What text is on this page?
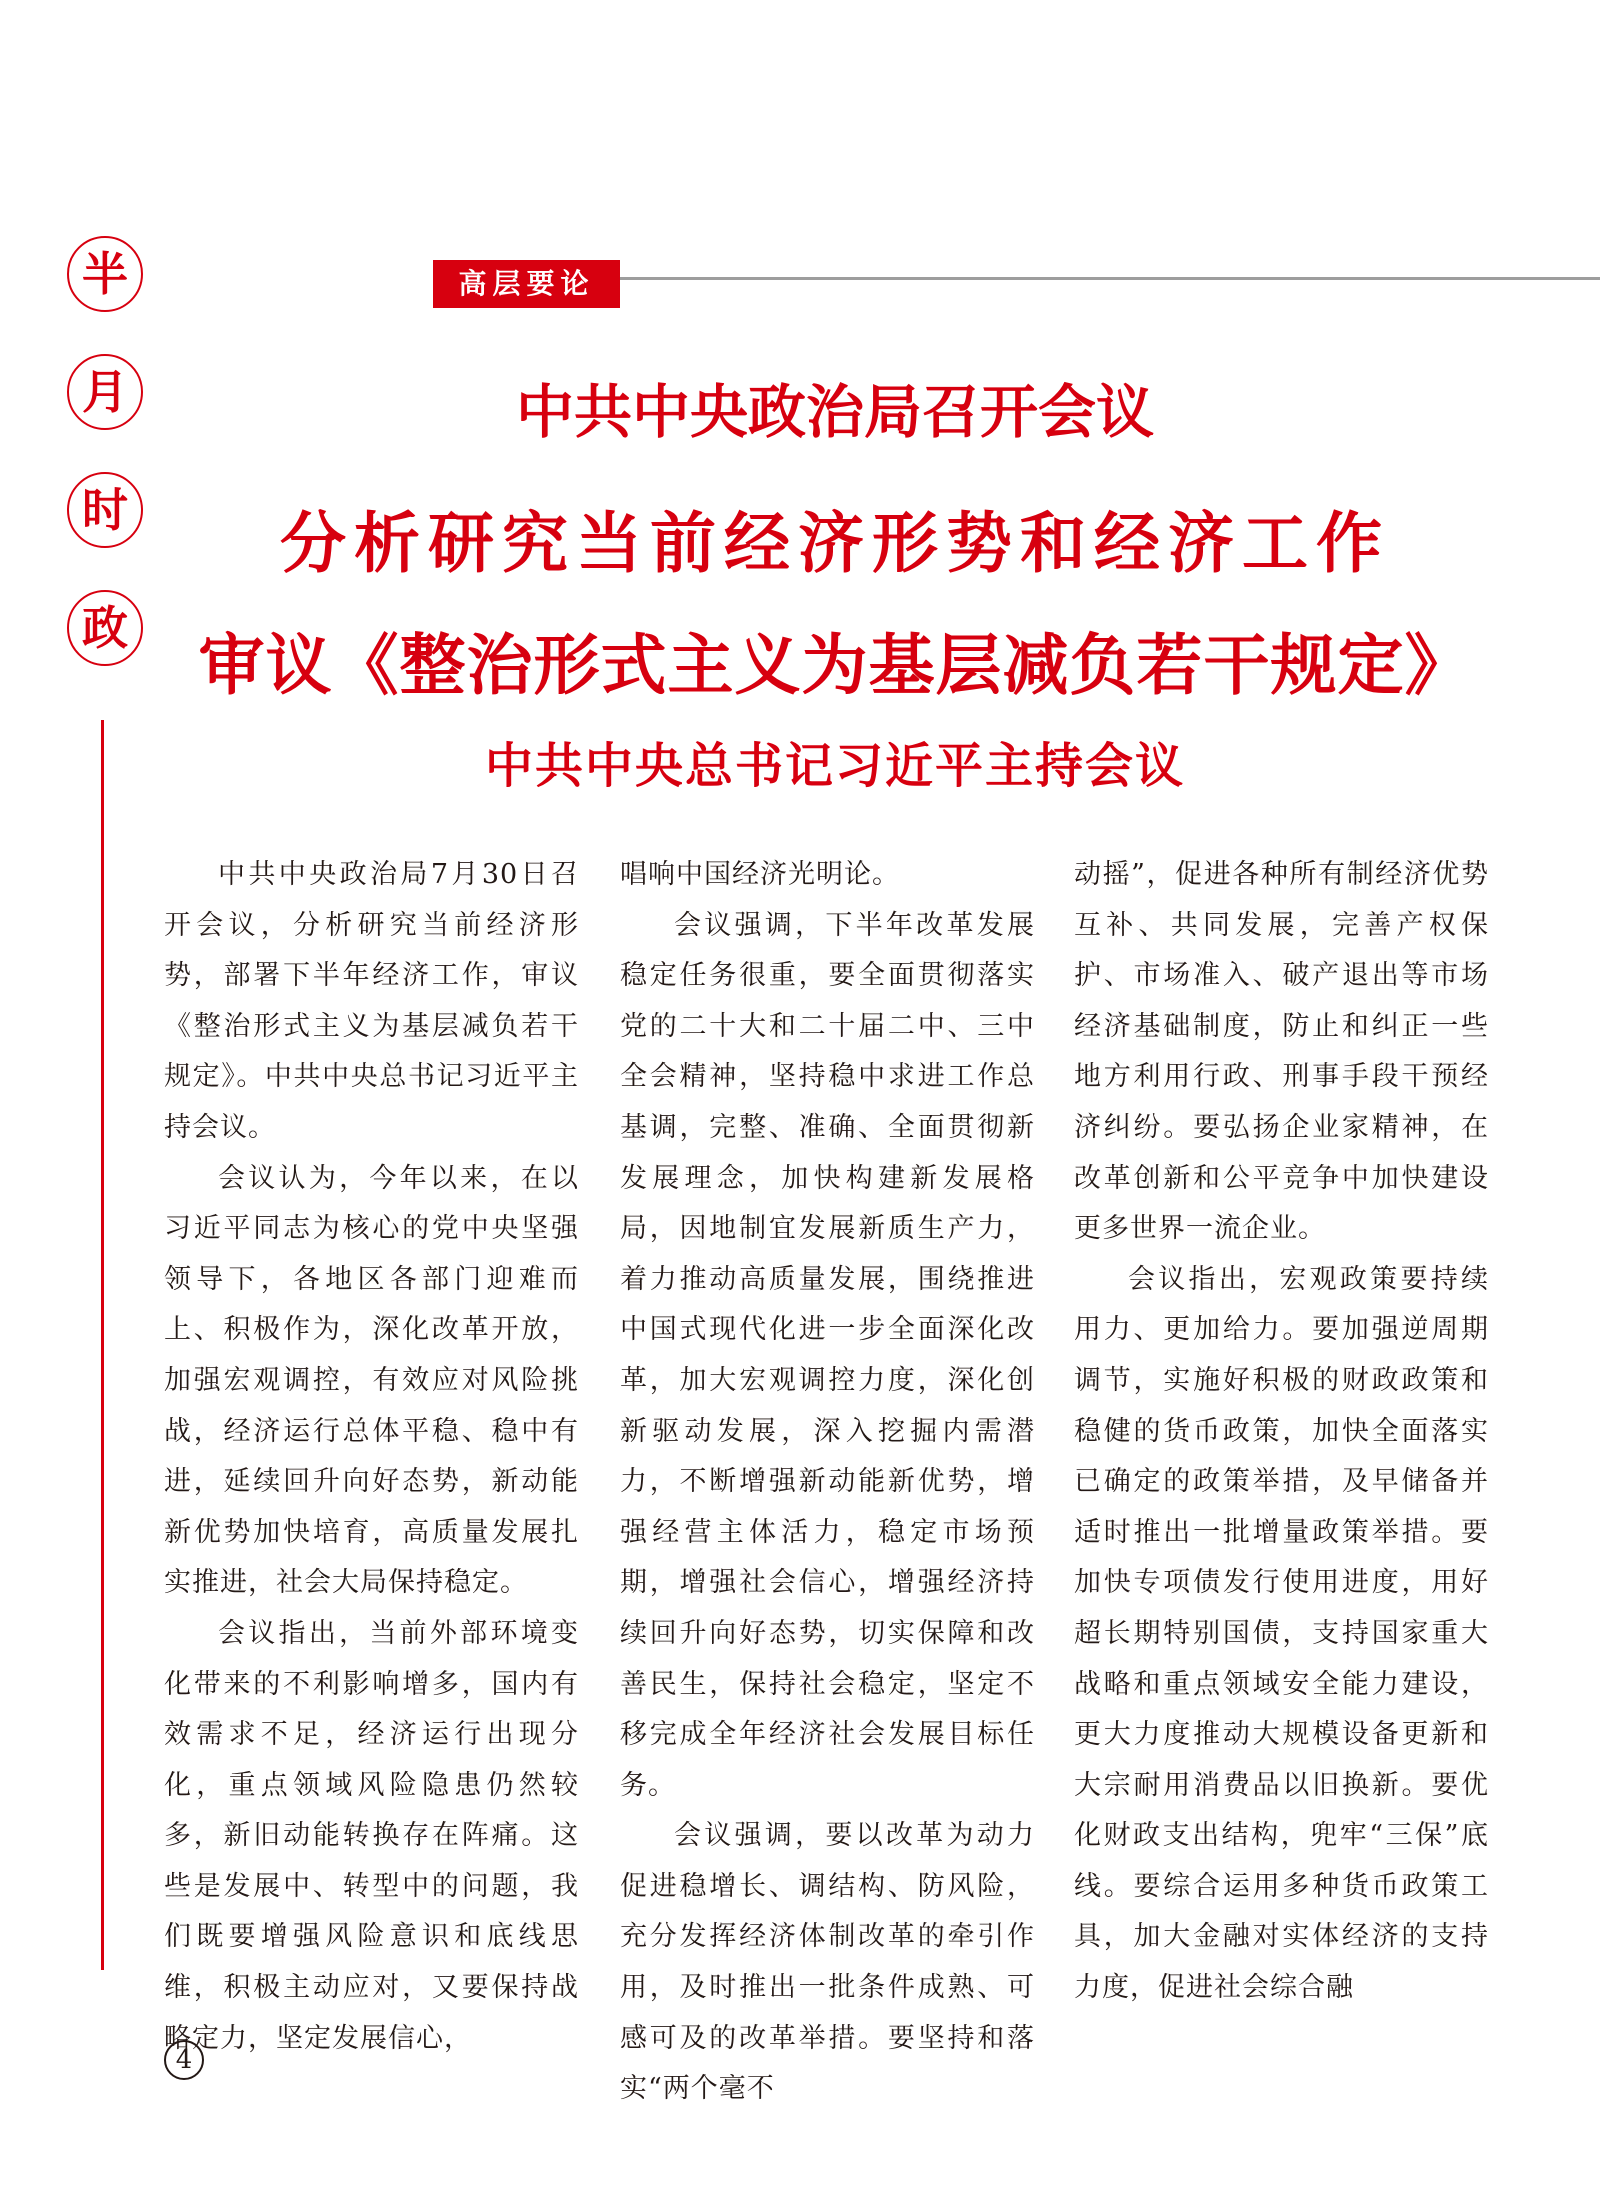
半
月
时
政
高层要论
中共中央政治局召开会议
分析研究当前经济形势和经济工作
审议《整治形式主义为基层减负若干规定》
中共中央总书记习近平主持会议

中共中央政治局7月30日召开会议，分析研究当前经济形势，部署下半年经济工作，审议《整治形式主义为基层减负若干规定》。中共中央总书记习近平主持会议。

会议认为，今年以来，在以习近平同志为核心的党中央坚强领导下，各地区各部门迎难而上、积极作为，深化改革开放，加强宏观调控，有效应对风险挑战，经济运行总体平稳、稳中有进，延续回升向好态势，新动能新优势加快培育，高质量发展扎实推进，社会大局保持稳定。

会议指出，当前外部环境变化带来的不利影响增多，国内有效需求不足，经济运行出现分化，重点领域风险隐患仍然较多，新旧动能转换存在阵痛。这些是发展中、转型中的问题，我们既要增强风险意识和底线思维，积极主动应对，又要保持战略定力，坚定发展信心，

唱响中国经济光明论。

会议强调，下半年改革发展稳定任务很重，要全面贯彻落实党的二十大和二十届二中、三中全会精神，坚持稳中求进工作总基调，完整、准确、全面贯彻新发展理念，加快构建新发展格局，因地制宜发展新质生产力，着力推动高质量发展，围绕推进中国式现代化进一步全面深化改革，加大宏观调控力度，深化创新驱动发展，深入挖掘内需潜力，不断增强新动能新优势，增强经营主体活力，稳定市场预期，增强社会信心，增强经济持续回升向好态势，切实保障和改善民生，保持社会稳定，坚定不移完成全年经济社会发展目标任务。

会议强调，要以改革为动力促进稳增长、调结构、防风险，充分发挥经济体制改革的牵引作用，及时推出一批条件成熟、可感可及的改革举措。要坚持和落实“两个毫不

动摇”，促进各种所有制经济优势互补、共同发展，完善产权保护、市场准入、破产退出等市场经济基础制度，防止和纠正一些地方利用行政、刑事手段干预经济纠纷。要弘扬企业家精神，在改革创新和公平竞争中加快建设更多世界一流企业。

会议指出，宏观政策要持续用力、更加给力。要加强逆周期调节，实施好积极的财政政策和稳健的货币政策，加快全面落实已确定的政策举措，及早储备并适时推出一批增量政策举措。要加快专项债发行使用进度，用好超长期特别国债，支持国家重大战略和重点领域安全能力建设，更大力度推动大规模设备更新和大宗耐用消费品以旧换新。要优化财政支出结构，兜牢“三保”底线。要综合运用多种货币政策工具，加大金融对实体经济的支持力度，促进社会综合融

4
